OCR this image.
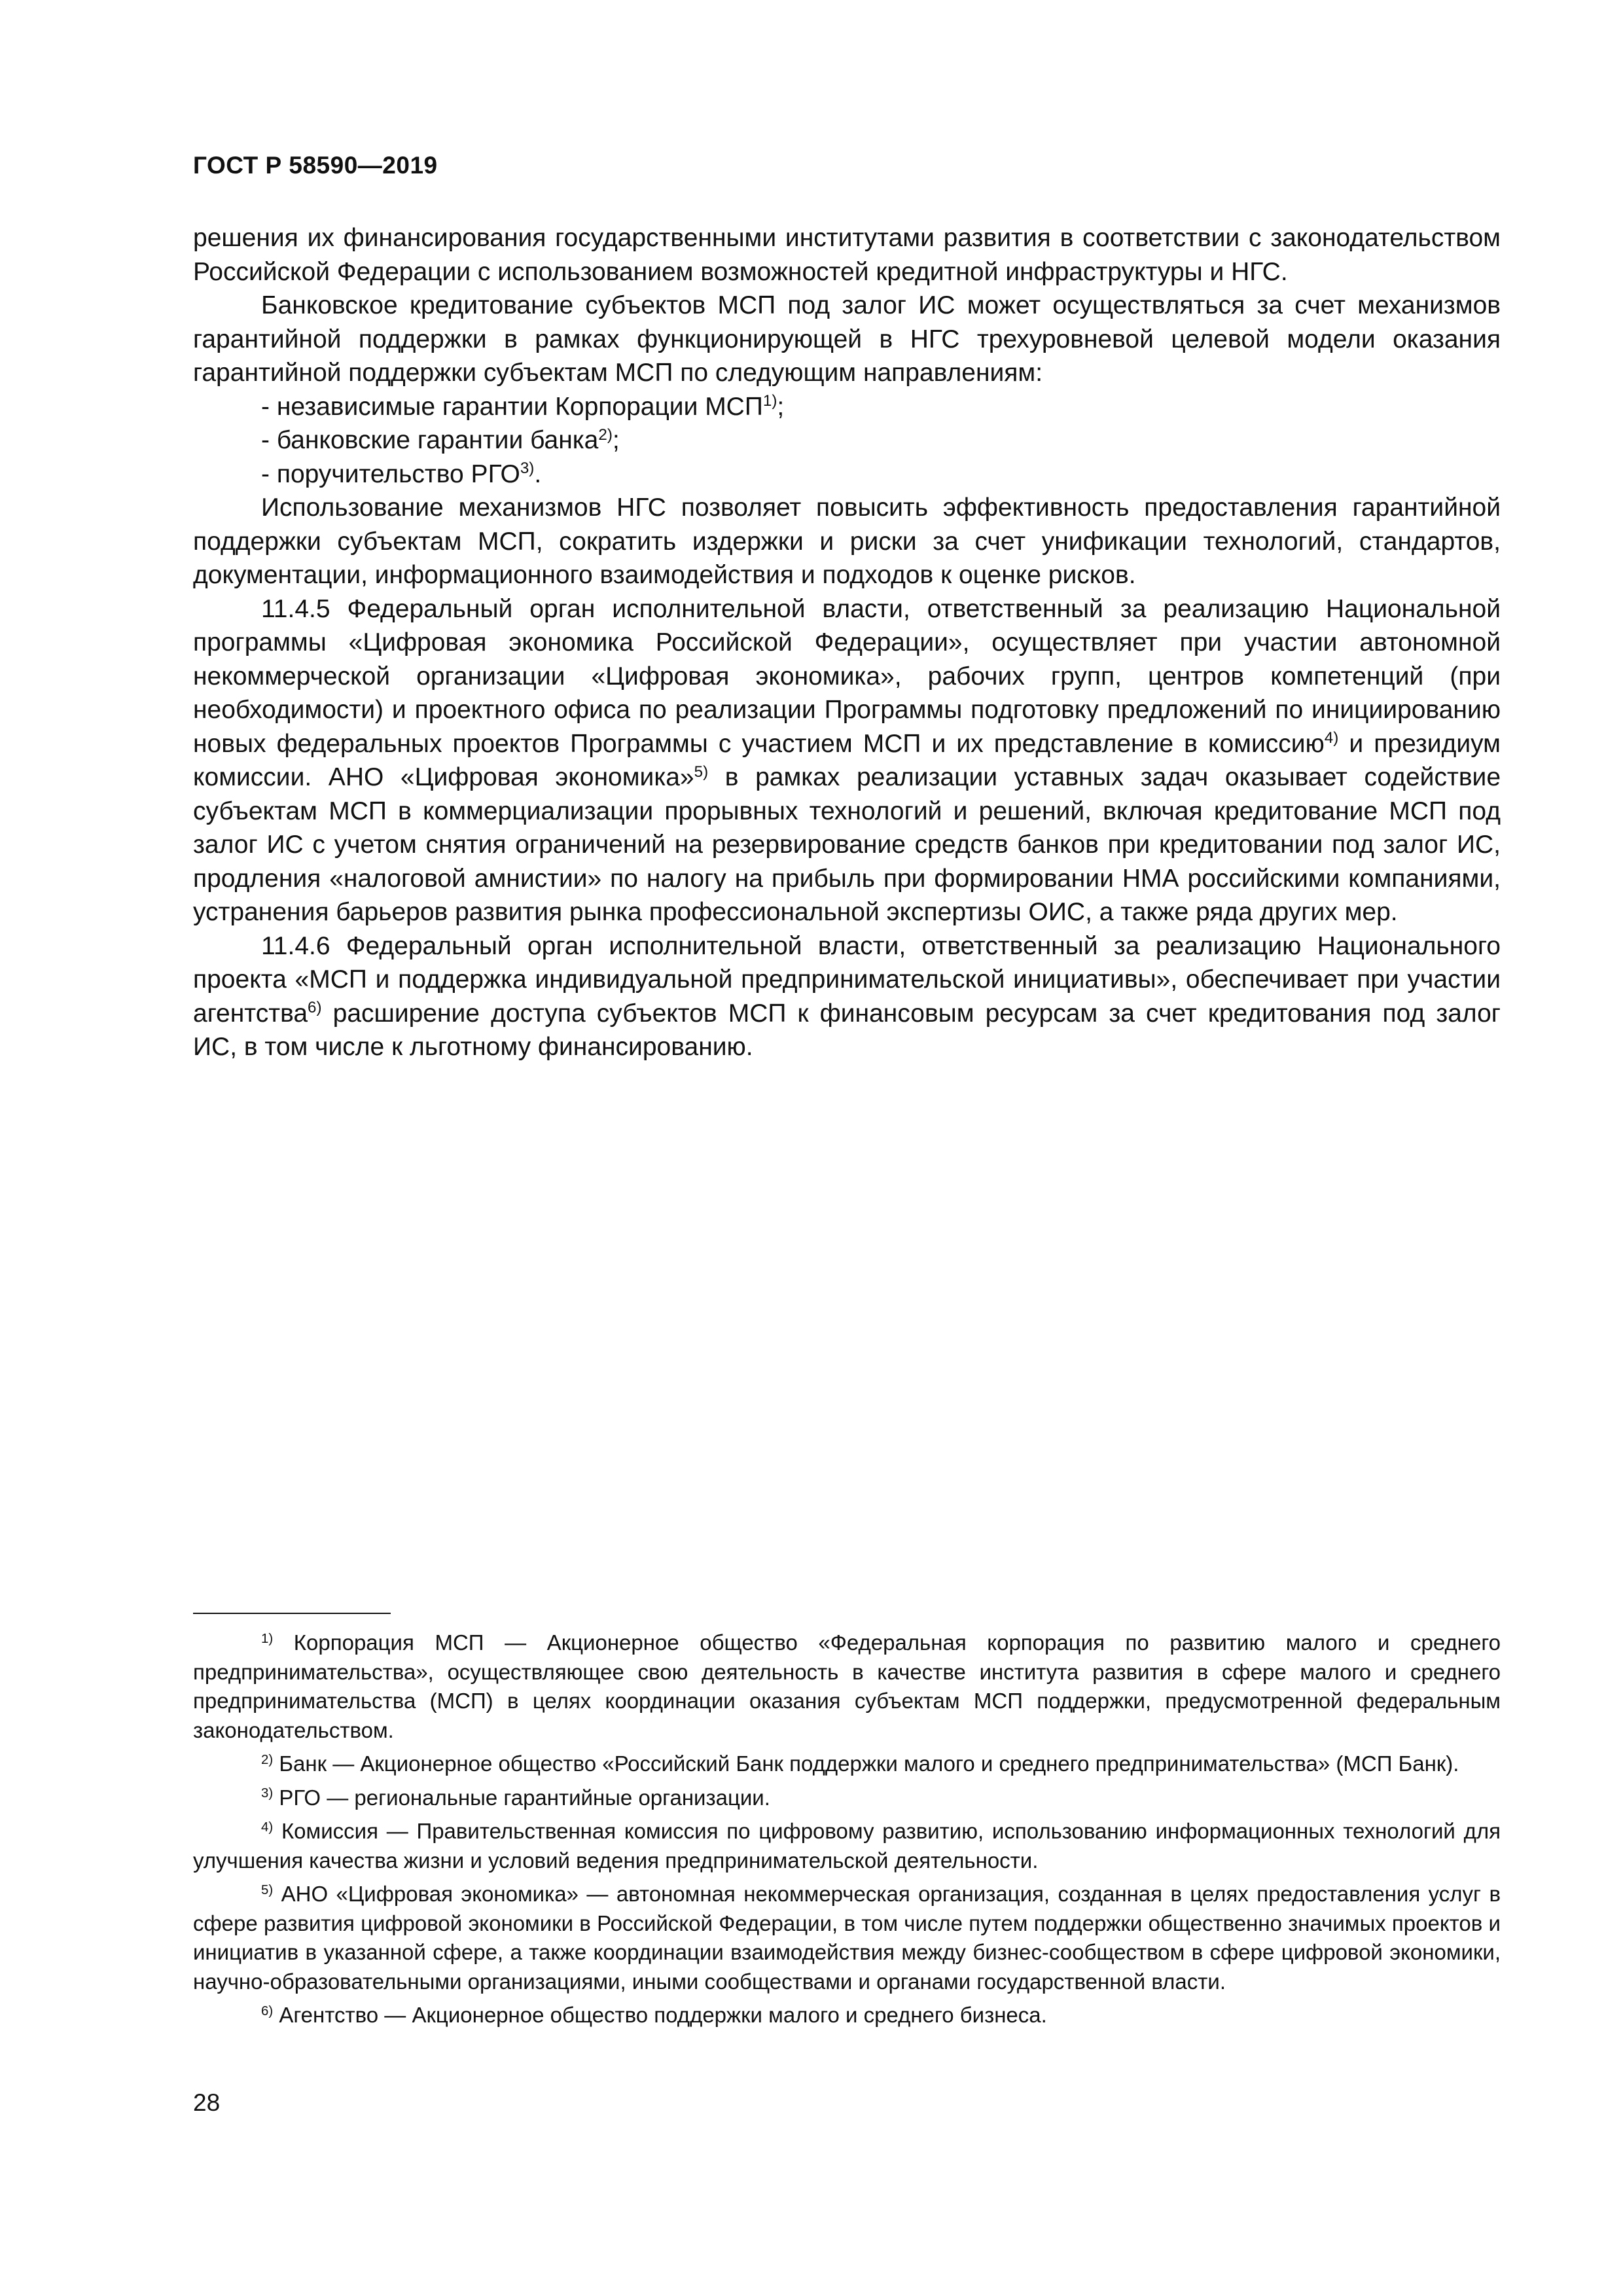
ГОСТ Р 58590—2019

решения их финансирования государственными институтами развития в соответствии с законодательством Российской Федерации с использованием возможностей кредитной инфраструктуры и НГС.

Банковское кредитование субъектов МСП под залог ИС может осуществляться за счет механизмов гарантийной поддержки в рамках функционирующей в НГС трехуровневой целевой модели оказания гарантийной поддержки субъектам МСП по следующим направлениям:

- независимые гарантии Корпорации МСП$^{1)}$;

- банковские гарантии банка$^{2)}$;

- поручительство РГО$^{3)}$.

Использование механизмов НГС позволяет повысить эффективность предоставления гарантийной поддержки субъектам МСП, сократить издержки и риски за счет унификации технологий, стандартов, документации, информационного взаимодействия и подходов к оценке рисков.

11.4.5 Федеральный орган исполнительной власти, ответственный за реализацию Национальной программы «Цифровая экономика Российской Федерации», осуществляет при участии автономной некоммерческой организации «Цифровая экономика», рабочих групп, центров компетенций (при необходимости) и проектного офиса по реализации Программы подготовку предложений по инициированию новых федеральных проектов Программы с участием МСП и их представление в комиссию$^{4)}$ и президиум комиссии. АНО «Цифровая экономика»$^{5)}$ в рамках реализации уставных задач оказывает содействие субъектам МСП в коммерциализации прорывных технологий и решений, включая кредитование МСП под залог ИС с учетом снятия ограничений на резервирование средств банков при кредитовании под залог ИС, продления «налоговой амнистии» по налогу на прибыль при формировании НМА российскими компаниями, устранения барьеров развития рынка профессиональной экспертизы ОИС, а также ряда других мер.

11.4.6 Федеральный орган исполнительной власти, ответственный за реализацию Национального проекта «МСП и поддержка индивидуальной предпринимательской инициативы», обеспечивает при участии агентства$^{6)}$ расширение доступа субъектов МСП к финансовым ресурсам за счет кредитования под залог ИС, в том числе к льготному финансированию.

$^{1)}$ Корпорация МСП — Акционерное общество «Федеральная корпорация по развитию малого и среднего предпринимательства», осуществляющее свою деятельность в качестве института развития в сфере малого и среднего предпринимательства (МСП) в целях координации оказания субъектам МСП поддержки, предусмотренной федеральным законодательством.

$^{2)}$ Банк — Акционерное общество «Российский Банк поддержки малого и среднего предпринимательства» (МСП Банк).

$^{3)}$ РГО — региональные гарантийные организации.

$^{4)}$ Комиссия — Правительственная комиссия по цифровому развитию, использованию информационных технологий для улучшения качества жизни и условий ведения предпринимательской деятельности.

$^{5)}$ АНО «Цифровая экономика» — автономная некоммерческая организация, созданная в целях предоставления услуг в сфере развития цифровой экономики в Российской Федерации, в том числе путем поддержки общественно значимых проектов и инициатив в указанной сфере, а также координации взаимодействия между бизнес-сообществом в сфере цифровой экономики, научно-образовательными организациями, иными сообществами и органами государственной власти.

$^{6)}$ Агентство — Акционерное общество поддержки малого и среднего бизнеса.

28
